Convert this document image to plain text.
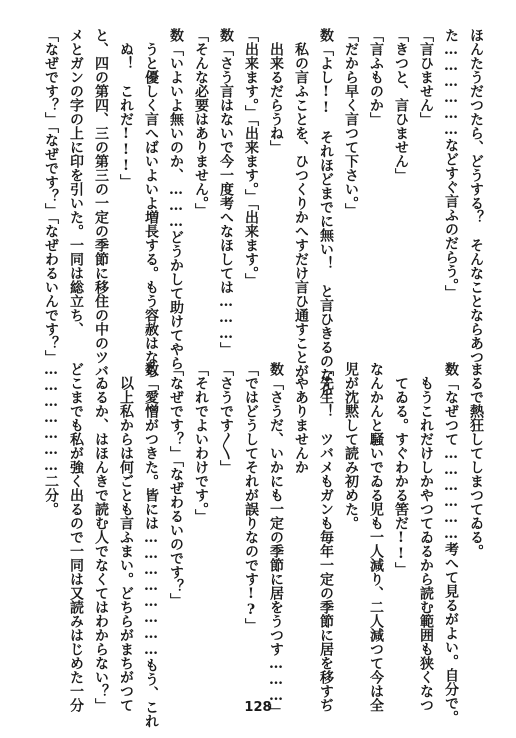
ほんたうだつたら、どうする？　そんなことならあつ
た………………などすぐ言ふのだらう。」
「言ひません」
「きつと、言ひません」
「言ふものか」
「だから早く言つて下さい。」
数「よし!!　それほどまでに無い！　と言ひきるのなら
　私の言ふことを、ひつくりかへすだけ言ひ通すことが
　出来るだらうね」
「出来ます。」「出来ます。」「出来ます。」
数「さう言はないで今一度考へなほしては………」
「そんな必要はありません。」
数「いよいよ無いのか、………どうかして助けてやら
　うと優しく言へばいよいよ増長する。もう容赦はなら
　ぬ！　これだ!!!」
と、四の第四、三の第三の一定の季節に移住の中のツバ
メとガンの字の上に印を引いた。一同は総立ち、
「なぜです？」「なぜです？」「なぜわるいんです？」
まるで熱狂してしまつてゐる。
数「なぜつて………………考へて見るがよい。自分で。
　もうこれだけしかやつてゐるから読む範囲も狭くなつ
　てゐる。すぐわかる筈だ!!」
なんかんと騒いでゐる児も一人減り、二人減つて今は全
児が沈黙して読み初めた。
「先生！　ツバメもガンも毎年一定の季節に居を移すぢ
　やありませんか
数「さうだ、いかにも一定の季節に居をうつす………」
「ではどうしてそれが誤りなのです!?」
「さうです〳〵」
「それでよいわけです。」
「なぜです？」「なぜわるいのです？」
数「愛憎がつきた。皆には……………………もう、これ
　以上私からは何ごとも言ふまい。どちらがまちがつて
　ゐるか、はほんきで読む人でなくてはわからない？」
どこまでも私が強く出るので一同は又読みはじめた一分
…………………二分。
128
